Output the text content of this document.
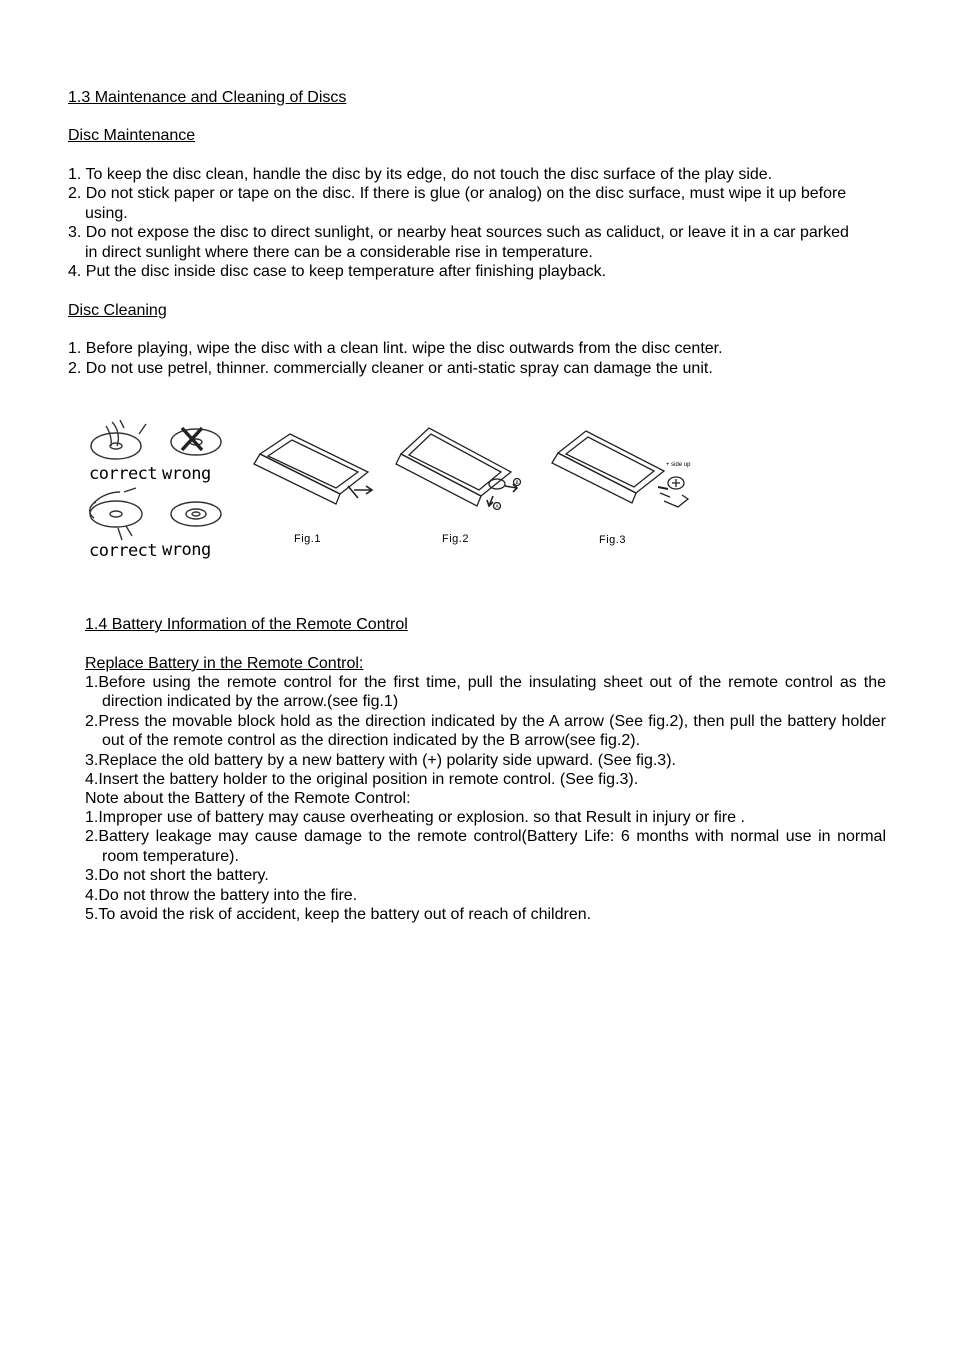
1.3 Maintenance and Cleaning of Discs
Disc Maintenance
1. To keep the disc clean, handle the disc by its edge, do not touch the disc surface of the play side.
2. Do not stick paper or tape on the disc. If there is glue (or analog) on the disc surface, must wipe it up before
using.
3. Do not expose the disc to direct sunlight, or nearby heat sources such as caliduct, or leave it in a car parked
in direct sunlight where there can be a considerable rise in temperature.
4. Put the disc inside disc case to keep temperature after finishing playback.
Disc Cleaning
1. Before playing, wipe the disc with a clean lint. wipe the disc outwards from the disc center.
2. Do not use petrel, thinner. commercially cleaner or anti-static spray can damage the unit.
correct wrong
correct wrong
Fig.1
B
A
Fig.2
+ side up
Fig.3
1.4 Battery Information of the Remote Control
Replace Battery in the Remote Control:
1.Before using the remote control for the first time, pull the insulating sheet out of the remote control as the direction indicated by the arrow.(see fig.1)
2.Press the movable block hold as the direction indicated by the A arrow (See fig.2), then pull the battery holder out of the remote control as the direction indicated by the B arrow(see fig.2).
3.Replace the old battery by a new battery with (+) polarity side upward. (See fig.3).
4.Insert the battery holder to the original position in remote control. (See fig.3).
Note about the Battery of the Remote Control:
1.Improper use of battery may cause overheating or explosion. so that Result in injury or fire .
2.Battery leakage may cause damage to the remote control(Battery Life: 6 months with normal use in normal room temperature).
3.Do not short the battery.
4.Do not throw the battery into the fire.
5.To avoid the risk of accident, keep the battery out of reach of children.
